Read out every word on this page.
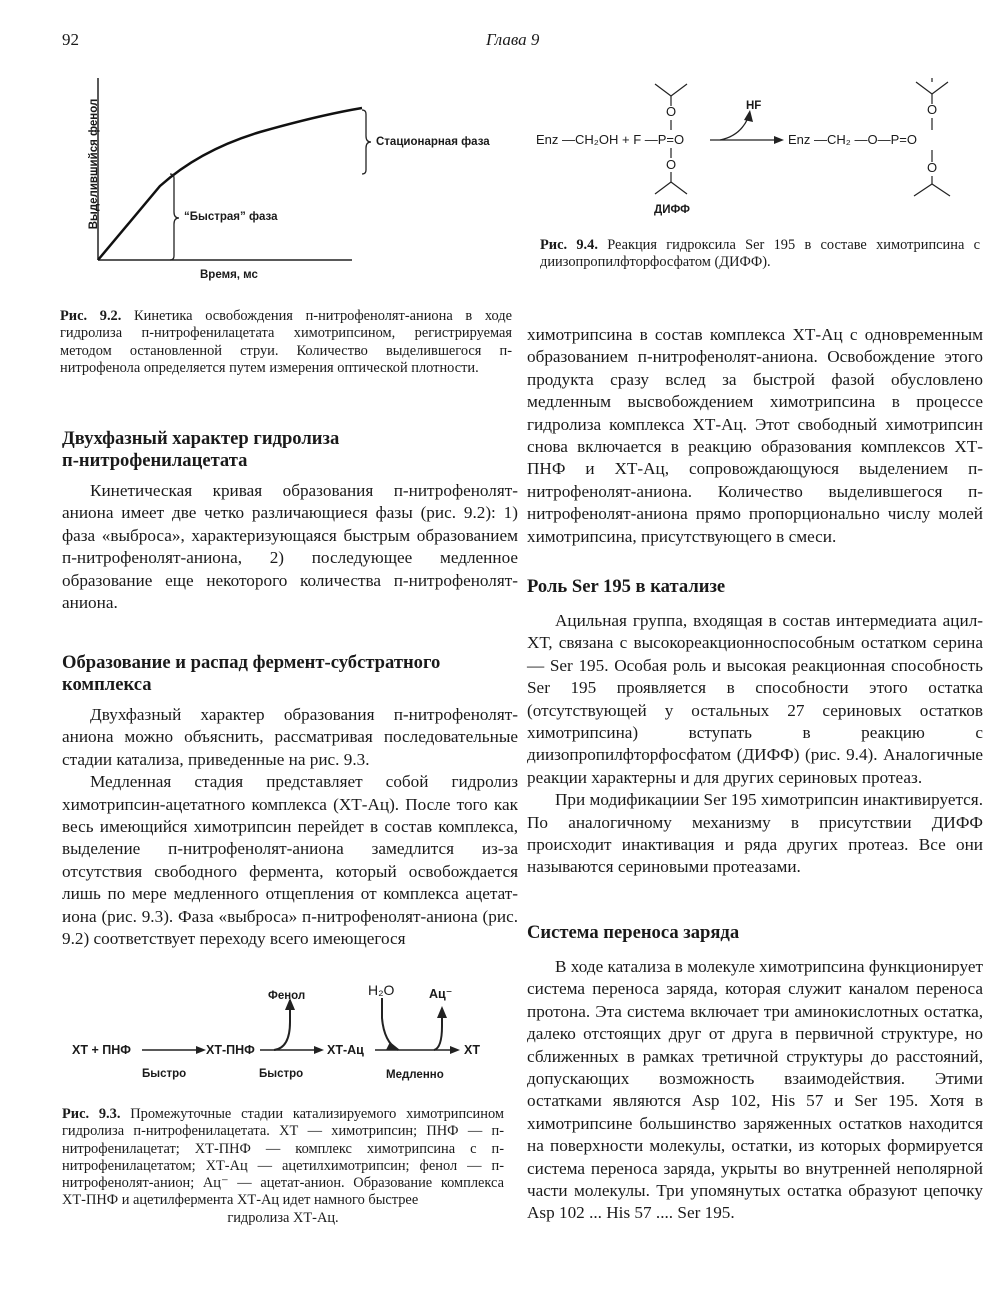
92	Глава 9
Выделившийся фенол
Время, мс
“Быстрая” фаза
Стационарная фаза
Рис. 9.2. Кинетика освобождения п-нитрофенолят-аниона в ходе гидролиза п-нитрофенилацетата химотрипсином, регистрируемая методом остановленной струи. Количество выделившегося п-нитрофенола определяется путем измерения оптической плотности.
O
O
Enz —CH₂OH + F —P=O
HF
Enz —CH₂ —O—P=O
O
O
ДИФФ
Рис. 9.4. Реакция гидроксила Ser 195 в составе химотрипсина с диизопропилфторфосфатом (ДИФФ).
Двухфазный характер гидролиза
п-нитрофенилацетата

Кинетическая кривая образования п-нитрофенолят-аниона имеет две четко различающиеся фазы (рис. 9.2): 1) фаза «выброса», характеризующаяся быстрым образованием п-нитрофенолят-аниона, 2) последующее медленное образование еще некоторого количества п-нитрофенолят-аниона.

Образование и распад фермент-субстратного
комплекса

Двухфазный характер образования п-нитрофенолят-аниона можно объяснить, рассматривая последовательные стадии катализа, приведенные на рис. 9.3.

Медленная стадия представляет собой гидролиз химотрипсин-ацетатного комплекса (ХТ-Ац). После того как весь имеющийся химотрипсин перейдет в состав комплекса, выделение п-нитрофенолят-аниона замедлится из-за отсутствия свободного фермента, который освобождается лишь по мере медленного отщепления от комплекса ацетат-иона (рис. 9.3). Фаза «выброса» п-нитрофенолят-аниона (рис. 9.2) соответствует переходу всего имеющегося

ХТ + ПНФ	ХТ-ПНФ	ХТ-Ац	ХТ
Фенол	H₂O	Ац⁻
Быстро	Быстро	Медленно
Рис. 9.3. Промежуточные стадии катализируемого химотрипсином гидролиза п-нитрофенилацетата. ХТ — химотрипсин; ПНФ — п-нитрофенилацетат; ХТ-ПНФ — комплекс химотрипсина с п-нитрофенилацетатом; ХТ-Ац — ацетилхимотрипсин; фенол — п-нитрофенолят-анион; Ац⁻ — ацетат-анион. Образование комплекса ХТ-ПНФ и ацетилфермента ХТ-Ац идет намного быстрее
гидролиза ХТ-Ац.

химотрипсина в состав комплекса ХТ-Ац с одновременным образованием п-нитрофенолят-аниона. Освобождение этого продукта сразу вслед за быстрой фазой обусловлено медленным высвобождением химотрипсина в процессе гидролиза комплекса ХТ-Ац. Этот свободный химотрипсин снова включается в реакцию образования комплексов ХТ-ПНФ и ХТ-Ац, сопровождающуюся выделением п-нитрофенолят-аниона. Количество выделившегося п-нитрофенолят-аниона прямо пропорционально числу молей химотрипсина, присутствующего в смеси.

Роль Ser 195 в катализе

Ацильная группа, входящая в состав интермедиата ацил-ХТ, связана с высокореакционноспособным остатком серина — Ser 195. Особая роль и высокая реакционная способность Ser 195 проявляется в способности этого остатка (отсутствующей у остальных 27 сериновых остатков химотрипсина) вступать в реакцию с диизопропилфторфосфатом (ДИФФ) (рис. 9.4). Аналогичные реакции характерны и для других сериновых протеаз.

При модификациии Ser 195 химотрипсин инактивируется. По аналогичному механизму в присутствии ДИФФ происходит инактивация и ряда других протеаз. Все они называются сериновыми протеазами.

Система переноса заряда

В ходе катализа в молекуле химотрипсина функционирует система переноса заряда, которая служит каналом переноса протона. Эта система включает три аминокислотных остатка, далеко отстоящих друг от друга в первичной структуре, но сближенных в рамках третичной структуры до расстояний, допускающих возможность взаимодействия. Этими остатками являются Asp 102, His 57 и Ser 195. Хотя в химотрипсине большинство заряженных остатков находится на поверхности молекулы, остатки, из которых формируется система переноса заряда, укрыты во внутренней неполярной части молекулы. Три упомянутых остатка образуют цепочку Asp 102 ... His 57 .... Ser 195.
